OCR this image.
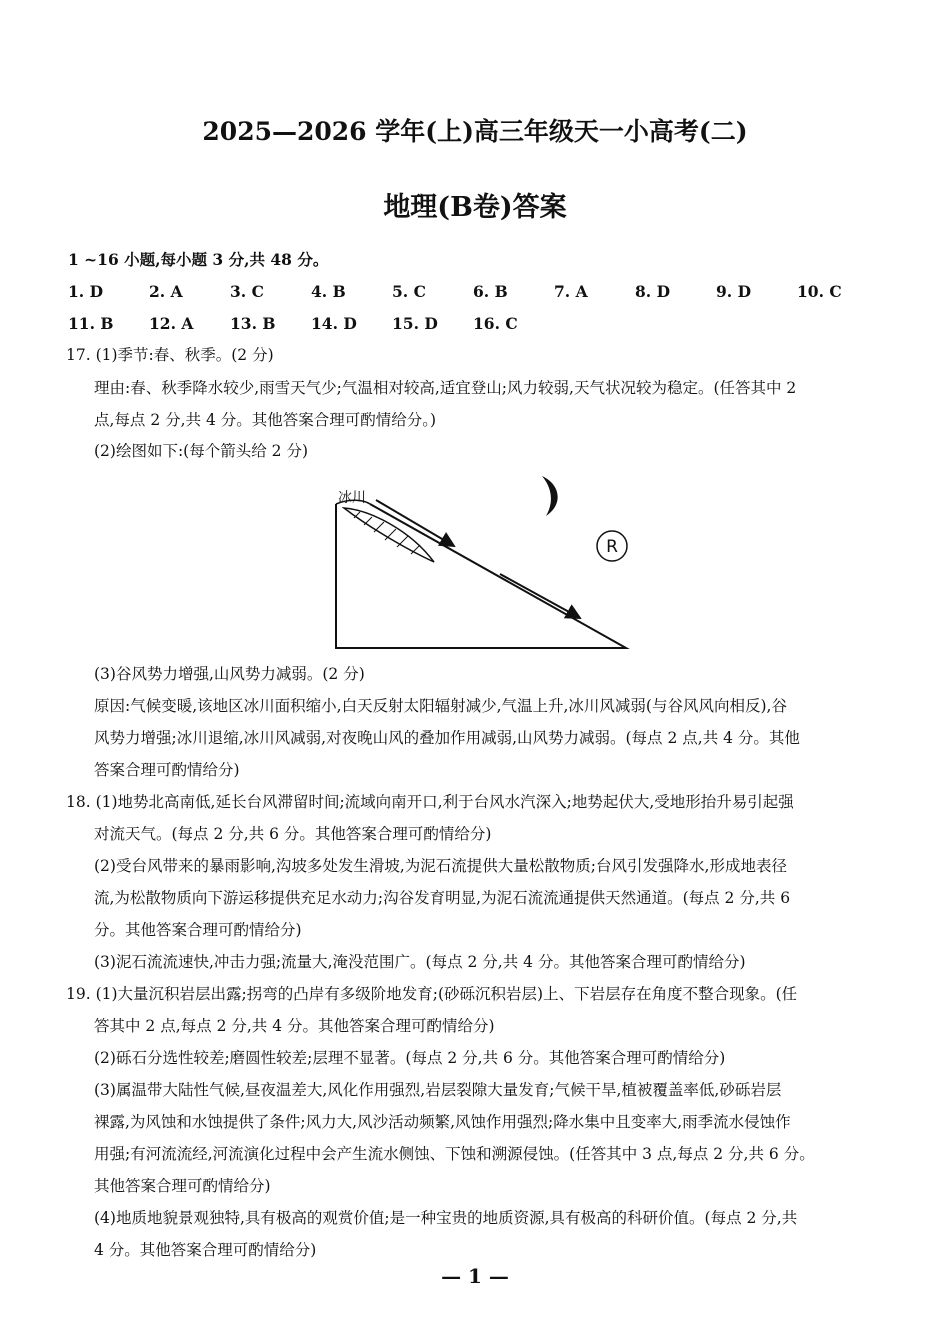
2025—2026 学年(上)高三年级天一小高考(二)
地理(B卷)答案
1 ~16 小题,每小题 3 分,共 48 分。
1. D	2. A	3. C	4. B	5. C	6. B	7. A	8. D	9. D	10. C
11. B 12. A 13. B 14. D 15. D 16. C
17. (1)季节:春、秋季。(2 分)
理由:春、秋季降水较少,雨雪天气少;气温相对较高,适宜登山;风力较弱,天气状况较为稳定。(任答其中 2
点,每点 2 分,共 4 分。其他答案合理可酌情给分。)
(2)绘图如下:(每个箭头给 2 分)
冰川
R
(3)谷风势力增强,山风势力减弱。(2 分)
原因:气候变暖,该地区冰川面积缩小,白天反射太阳辐射减少,气温上升,冰川风减弱(与谷风风向相反),谷
风势力增强;冰川退缩,冰川风减弱,对夜晚山风的叠加作用减弱,山风势力减弱。(每点 2 点,共 4 分。其他
答案合理可酌情给分)
18. (1)地势北高南低,延长台风滞留时间;流域向南开口,利于台风水汽深入;地势起伏大,受地形抬升易引起强
对流天气。(每点 2 分,共 6 分。其他答案合理可酌情给分)
(2)受台风带来的暴雨影响,沟坡多处发生滑坡,为泥石流提供大量松散物质;台风引发强降水,形成地表径
流,为松散物质向下游运移提供充足水动力;沟谷发育明显,为泥石流流通提供天然通道。(每点 2 分,共 6
分。其他答案合理可酌情给分)
(3)泥石流流速快,冲击力强;流量大,淹没范围广。(每点 2 分,共 4 分。其他答案合理可酌情给分)
19. (1)大量沉积岩层出露;拐弯的凸岸有多级阶地发育;(砂砾沉积岩层)上、下岩层存在角度不整合现象。(任
答其中 2 点,每点 2 分,共 4 分。其他答案合理可酌情给分)
(2)砾石分选性较差;磨圆性较差;层理不显著。(每点 2 分,共 6 分。其他答案合理可酌情给分)
(3)属温带大陆性气候,昼夜温差大,风化作用强烈,岩层裂隙大量发育;气候干旱,植被覆盖率低,砂砾岩层
裸露,为风蚀和水蚀提供了条件;风力大,风沙活动频繁,风蚀作用强烈;降水集中且变率大,雨季流水侵蚀作
用强;有河流流经,河流演化过程中会产生流水侧蚀、下蚀和溯源侵蚀。(任答其中 3 点,每点 2 分,共 6 分。
其他答案合理可酌情给分)
(4)地质地貌景观独特,具有极高的观赏价值;是一种宝贵的地质资源,具有极高的科研价值。(每点 2 分,共
4 分。其他答案合理可酌情给分)
— 1 —
